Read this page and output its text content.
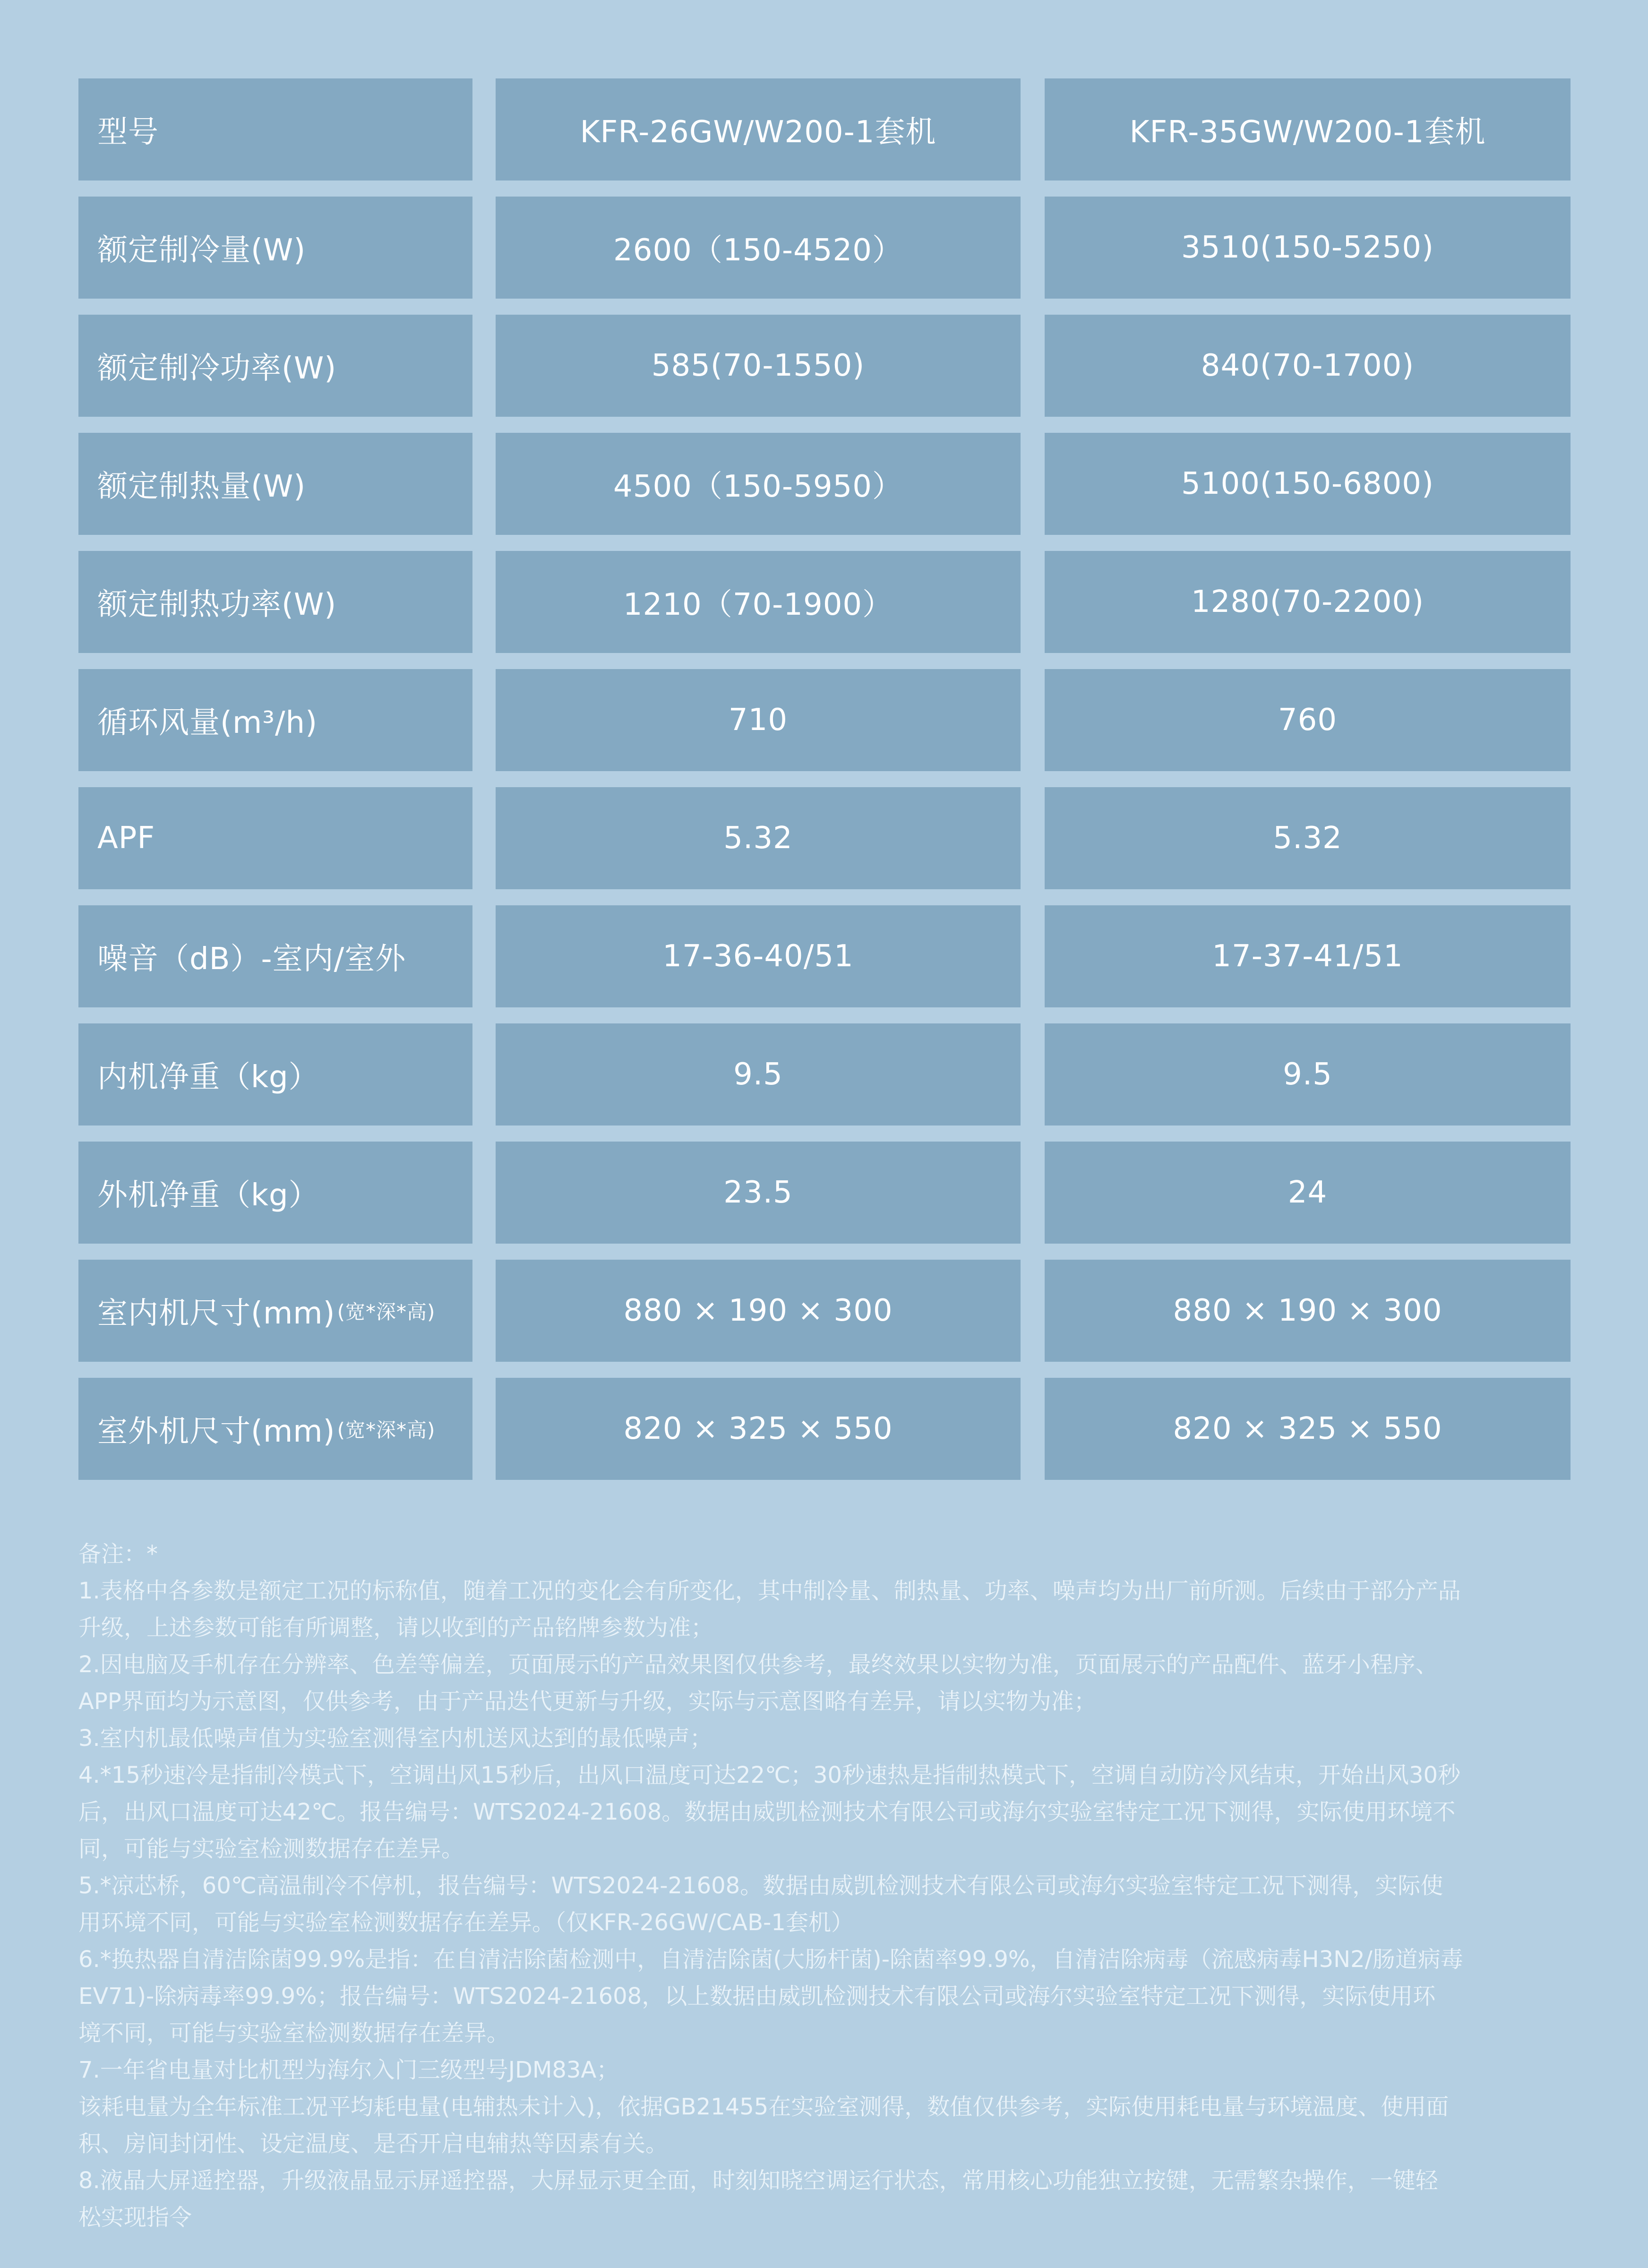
型号	KFR-26GW/W200-1套机	KFR-35GW/W200-1套机
额定制冷量(W)	2600（150-4520）	3510(150-5250)
额定制冷功率(W)	585(70-1550)	840(70-1700)
额定制热量(W)	4500（150-5950）	5100(150-6800)
额定制热功率(W)	1210（70-1900）	1280(70-2200)
循环风量(m³/h)	710	760
APF	5.32	5.32
噪音（dB）-室内/室外	17-36-40/51	17-37-41/51
内机净重（kg）	9.5	9.5
外机净重（kg）	23.5	24
室内机尺寸(mm) (宽*深*高)	880 × 190 × 300	880 × 190 × 300
室外机尺寸(mm) (宽*深*高)	820 × 325 × 550	820 × 325 × 550

备注：*

1.表格中各参数是额定工况的标称值，随着工况的变化会有所变化，其中制冷量、制热量、功率、噪声均为出厂前所测。后续由于部分产品

升级，上述参数可能有所调整，请以收到的产品铭牌参数为准；

2.因电脑及手机存在分辨率、色差等偏差，页面展示的产品效果图仅供参考，最终效果以实物为准，页面展示的产品配件、蓝牙小程序、

APP界面均为示意图，仅供参考，由于产品迭代更新与升级，实际与示意图略有差异，请以实物为准；

3.室内机最低噪声值为实验室测得室内机送风达到的最低噪声；

4.*15秒速冷是指制冷模式下，空调出风15秒后，出风口温度可达22℃；30秒速热是指制热模式下，空调自动防冷风结束，开始出风30秒

后，出风口温度可达42℃。报告编号：WTS2024-21608。数据由威凯检测技术有限公司或海尔实验室特定工况下测得，实际使用环境不

同，可能与实验室检测数据存在差异。

5.*凉芯桥，60℃高温制冷不停机，报告编号：WTS2024-21608。数据由威凯检测技术有限公司或海尔实验室特定工况下测得，实际使

用环境不同，可能与实验室检测数据存在差异。（仅KFR-26GW/CAB-1套机）

6.*换热器自清洁除菌99.9%是指：在自清洁除菌检测中，自清洁除菌(大肠杆菌)-除菌率99.9%，自清洁除病毒（流感病毒H3N2/肠道病毒

EV71)-除病毒率99.9%；报告编号：WTS2024-21608，以上数据由威凯检测技术有限公司或海尔实验室特定工况下测得，实际使用环

境不同，可能与实验室检测数据存在差异。

7.一年省电量对比机型为海尔入门三级型号JDM83A；

该耗电量为全年标准工况平均耗电量(电辅热未计入)，依据GB21455在实验室测得，数值仅供参考，实际使用耗电量与环境温度、使用面

积、房间封闭性、设定温度、是否开启电辅热等因素有关。

8.液晶大屏遥控器，升级液晶显示屏遥控器，大屏显示更全面，时刻知晓空调运行状态，常用核心功能独立按键，无需繁杂操作，一键轻

松实现指令
